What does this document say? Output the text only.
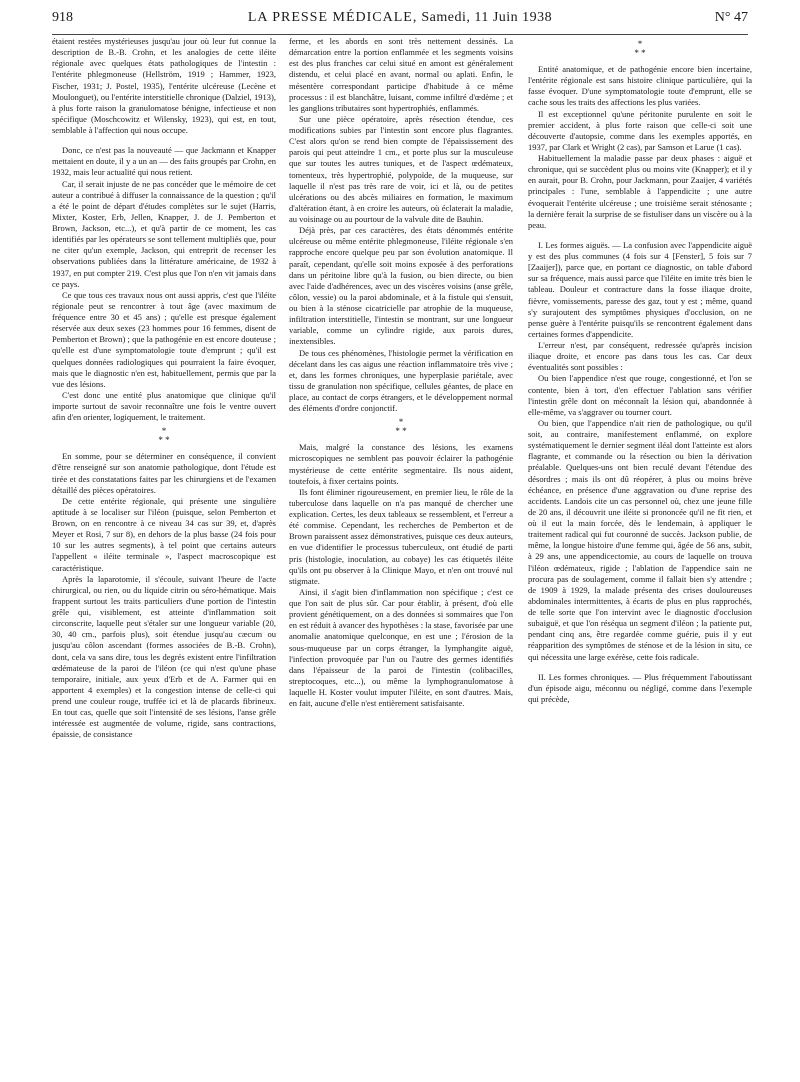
918	LA PRESSE MÉDICALE, Samedi, 11 Juin 1938	N° 47

étaient restées mystérieuses jusqu'au jour où leur fut connue la description de B.-B. Crohn, et les analogies de cette iléite régionale avec quelques états pathologiques de l'intestin : l'entérite phlegmoneuse (Hellström, 1919 ; Hammer, 1923, Fischer, 1931; J. Postel, 1935), l'entérite ulcéreuse (Lecène et Moulonguet), ou l'entérite interstitielle chronique (Dalziel, 1913), à plus forte raison la granulomatose bénigne, infectieuse et non spécifique (Moschcowitz et Wilensky, 1923), qui est, en tout, semblable à l'affection qui nous occupe.

Donc, ce n'est pas la nouveauté — que Jackmann et Knapper mettaient en doute, il y a un an — des faits groupés par Crohn, en 1932, mais leur actualité qui nous retient.

Car, il serait injuste de ne pas concéder que le mémoire de cet auteur a contribué à diffuser la connaissance de la question ; qu'il a été le point de départ d'études complètes sur le sujet (Harris, Mixter, Koster, Erb, Jellen, Knapper, J. de J. Pemberton et Brown, Jackson, etc...), et qu'à partir de ce moment, les cas identifiés par les opérateurs se sont tellement multipliés que, pour ne citer qu'un exemple, Jackson, qui entreprit de recenser les observations publiées dans la littérature américaine, de 1932 à 1937, en put compter 219. C'est plus que l'on n'en vit jamais dans ce pays.

Ce que tous ces travaux nous ont aussi appris, c'est que l'iléite régionale peut se rencontrer à tout âge (avec maximum de fréquence entre 30 et 45 ans) ; qu'elle est presque également réservée aux deux sexes (23 hommes pour 16 femmes, disent de Pemberton et Brown) ; que la pathogénie en est encore douteuse ; qu'elle est d'une symptomatologie toute d'emprunt ; qu'il est quelques données radiologiques qui pourraient la faire évoquer, mais que le diagnostic n'en est, habituellement, permis que par la vue des lésions.

C'est donc une entité plus anatomique que clinique qu'il importe surtout de savoir reconnaître une fois le ventre ouvert afin d'en orienter, logiquement, le traitement.

*
* *

En somme, pour se déterminer en conséquence, il convient d'être renseigné sur son anatomie pathologique, dont l'étude est tirée et des constatations faites par les chirurgiens et de l'examen détaillé des pièces opératoires.

De cette entérite régionale, qui présente une singulière aptitude à se localiser sur l'iléon (puisque, selon Pemberton et Brown, on en rencontre à ce niveau 34 cas sur 39, et, d'après Meyer et Rosi, 7 sur 8), en dehors de la plus basse (24 fois pour 10 sur les autres segments), à tel point que certains auteurs l'appellent « iléite terminale », l'aspect macroscopique est caractéristique.

Après la laparotomie, il s'écoule, suivant l'heure de l'acte chirurgical, ou rien, ou du liquide citrin ou séro-hématique. Mais frappent surtout les traits particuliers d'une portion de l'intestin grêle qui, visiblement, est atteinte d'inflammation soit circonscrite, laquelle peut s'étaler sur une longueur variable (20, 30, 40 cm., parfois plus), soit étendue jusqu'au cæcum ou jusqu'au côlon ascendant (formes associées de B.-B. Crohn), dont, cela va sans dire, tous les degrés existent entre l'infiltration œdémateuse de la paroi de l'iléon (ce qui n'est qu'une phase temporaire, initiale, aux yeux d'Erb et de A. Farmer qui en apportent 4 exemples) et la congestion intense de celle-ci qui prend une couleur rouge, truffée ici et là de placards fibrineux. En tout cas, quelle que soit l'intensité de ses lésions, l'anse grêle intéressée est augmentée de volume, rigide, sans contractions, épaissie, de consistance

ferme, et les abords en sont très nettement dessinés. La démarcation entre la portion enflammée et les segments voisins est des plus franches car celui situé en amont est généralement distendu, et celui placé en avant, normal ou aplati. Enfin, le mésentère correspondant participe d'habitude à ce même processus : il est blanchâtre, luisant, comme infiltré d'œdème ; et les ganglions tributaires sont hypertrophiés, enflammés.

Sur une pièce opératoire, après résection étendue, ces modifications subies par l'intestin sont encore plus flagrantes. C'est alors qu'on se rend bien compte de l'épaississement des parois qui peut atteindre 1 cm., et porte plus sur la musculeuse que sur toutes les autres tuniques, et de l'aspect œdémateux, tomenteux, très hypertrophié, polypoïde, de la muqueuse, sur laquelle il n'est pas très rare de voir, ici et là, ou de petites ulcérations ou des abcès miliaires en formation, le maximum d'altération étant, à en croire les auteurs, où éclaterait la maladie, au voisinage ou au pourtour de la valvule dite de Bauhin.

Déjà près, par ces caractères, des états dénommés entérite ulcéreuse ou même entérite phlegmoneuse, l'iléite régionale s'en rapproche encore quelque peu par son évolution anatomique. Il paraît, cependant, qu'elle soit moins exposée à des perforations dans un péritoine libre qu'à la fusion, ou bien directe, ou bien avec l'aide d'adhérences, avec un des viscères voisins (anse grêle, côlon, vessie) ou la paroi abdominale, et à la fistule qui s'ensuit, ou bien à la sténose cicatricielle par atrophie de la muqueuse, infiltration interstitielle, l'intestin se montrant, sur une longueur variable, comme un cylindre rigide, aux parois dures, inextensibles.

De tous ces phénomènes, l'histologie permet la vérification en décelant dans les cas aigus une réaction inflammatoire très vive ; et, dans les formes chroniques, une hyperplasie pariétale, avec tissu de granulation non spécifique, cellules géantes, de place en place, au contact de corps étrangers, et le développement normal des éléments d'ordre conjonctif.

*
* *

Mais, malgré la constance des lésions, les examens microscopiques ne semblent pas pouvoir éclairer la pathogénie mystérieuse de cette entérite segmentaire. Ils nous aident, toutefois, à fixer certains points.

Ils font éliminer rigoureusement, en premier lieu, le rôle de la tuberculose dans laquelle on n'a pas manqué de chercher une explication. Certes, les deux tableaux se ressemblent, et l'erreur a été commise. Cependant, les recherches de Pemberton et de Brown paraissent assez démonstratives, puisque ces deux auteurs, en vue d'identifier le processus tuberculeux, ont étudié de parti pris (histologie, inoculation, au cobaye) les cas étiquetés iléite qu'ils ont pu observer à la Clinique Mayo, et n'en ont trouvé nul stigmate.

Ainsi, il s'agit bien d'inflammation non spécifique ; c'est ce que l'on sait de plus sûr. Car pour établir, à présent, d'où elle provient génétiquement, on a des données si sommaires que l'on en est réduit à avancer des hypothèses : la stase, favorisée par une anomalie anatomique quelconque, en est une ; l'érosion de la sous-muqueuse par un corps étranger, la lymphangite aiguë, l'infection provoquée par l'un ou l'autre des germes identifiés dans l'épaisseur de la paroi de l'intestin (colibacilles, streptocoques, etc...), ou même la lymphogranulomatose à laquelle H. Koster voulut imputer l'iléite, en sont d'autres. Mais, en fait, aucune d'elle n'est entièrement satisfaisante.

*
* *

Entité anatomique, et de pathogénie encore bien incertaine, l'entérite régionale est sans histoire clinique particulière, qui la fasse évoquer. D'une symptomatologie toute d'emprunt, elle se cache sous les traits des affections les plus variées.

Il est exceptionnel qu'une péritonite purulente en soit le premier accident, à plus forte raison que celle-ci soit une découverte d'autopsie, comme dans les exemples apportés, en 1937, par Clark et Wright (2 cas), par Samson et Larue (1 cas).

Habituellement la maladie passe par deux phases : aiguë et chronique, qui se succèdent plus ou moins vite (Knapper); et il y en aurait, pour B. Crohn, pour Jackmann, pour Zaaijer, 4 variétés principales : l'une, semblable à l'appendicite ; une autre évoquerait l'entérite ulcéreuse ; une troisième serait sténosante ; la dernière ferait la surprise de se fistuliser dans un viscère ou à la peau.

I. Les formes aiguës. — La confusion avec l'appendicite aiguë y est des plus communes (4 fois sur 4 [Fenster], 5 fois sur 7 [Zaaijer]), parce que, en portant ce diagnostic, on table d'abord sur sa fréquence, mais aussi parce que l'iléite en imite très bien le tableau. Douleur et contracture dans la fosse iliaque droite, fièvre, vomissements, paresse des gaz, tout y est ; même, quand s'y surajoutent des symptômes physiques d'occlusion, on ne pense guère à l'entérite puisqu'ils se rencontrent également dans certaines formes d'appendicite.

L'erreur n'est, par conséquent, redressée qu'après incision iliaque droite, et encore pas dans tous les cas. Car deux éventualités sont possibles :

Ou bien l'appendice n'est que rouge, congestionné, et l'on se contente, bien à tort, d'en effectuer l'ablation sans vérifier l'intestin grêle dont on méconnaît la lésion qui, abandonnée à elle-même, va s'aggraver ou tourner court.

Ou bien, que l'appendice n'ait rien de pathologique, ou qu'il soit, au contraire, manifestement enflammé, on explore systématiquement le dernier segment iléal dont l'atteinte est alors flagrante, et commande ou la résection ou bien la dérivation préalable. Quelques-uns ont bien reculé devant l'étendue des désordres ; mais ils ont dû réopérer, à plus ou moins brève échéance, en présence d'une aggravation ou d'une reprise des accidents. Landois cite un cas personnel où, chez une jeune fille de 20 ans, il découvrit une iléite si prononcée qu'il ne fit rien, et où il eut la main forcée, dès le lendemain, à appliquer le traitement radical qui fut couronné de succès. Jackson publie, de même, la longue histoire d'une femme qui, âgée de 56 ans, subit, à 29 ans, une appendicectomie, au cours de laquelle on trouva l'iléon œdémateux, rigide ; l'ablation de l'appendice sain ne procura pas de soulagement, comme il fallait bien s'y attendre ; de 1909 à 1929, la malade présenta des crises douloureuses abdominales intermittentes, à écarts de plus en plus rapprochés, de telle sorte que l'on intervint avec le diagnostic d'occlusion subaiguë, et que l'on réséqua un segment d'iléon ; la patiente put, pendant cinq ans, être regardée comme guérie, puis il y eut réapparition des symptômes de sténose et de la lésion in situ, ce qui nécessita une large exérèse, cette fois radicale.

II. Les formes chroniques. — Plus fréquemment l'aboutissant d'un épisode aigu, méconnu ou négligé, comme dans l'exemple qui précède,
